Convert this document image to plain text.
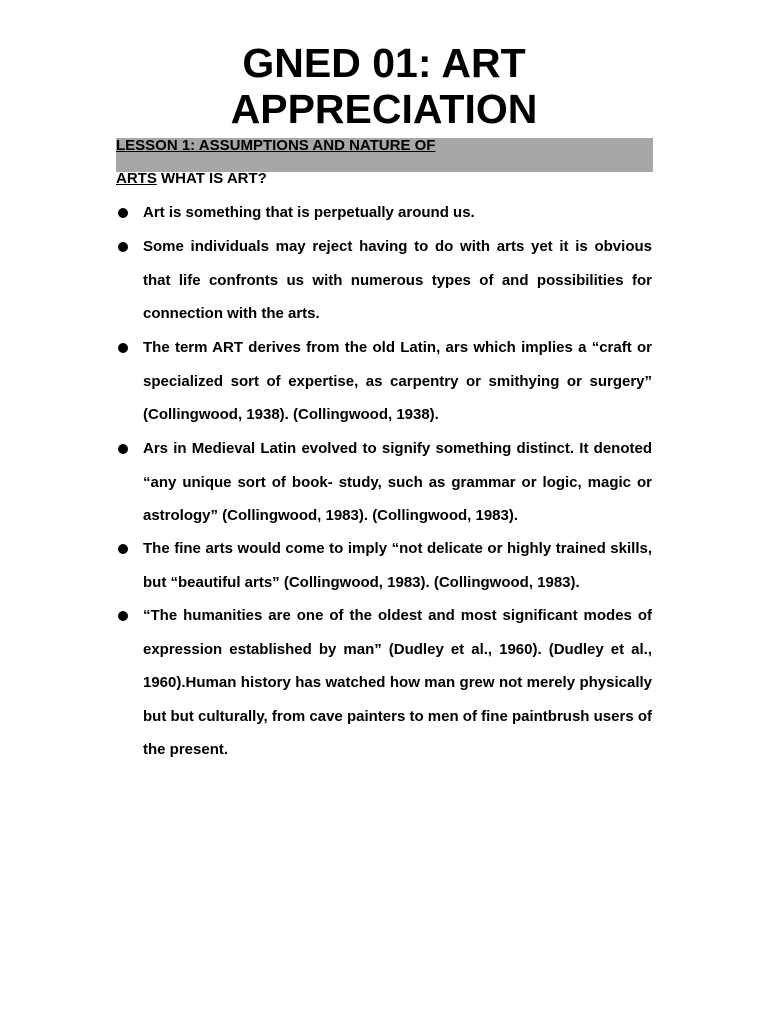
GNED 01: ART
APPRECIATION
LESSON 1: ASSUMPTIONS AND NATURE OF
ARTS WHAT IS ART?

Art is something that is perpetually around us.

Some individuals may reject having to do with arts yet it is obvious that life confronts us with numerous types of and possibilities for connection with the arts.

The term ART derives from the old Latin, ars which implies a “craft or specialized sort of expertise, as carpentry or smithying or surgery” (Collingwood, 1938). (Collingwood, 1938).

Ars in Medieval Latin evolved to signify something distinct. It denoted “any unique sort of book- study, such as grammar or logic, magic or astrology” (Collingwood, 1983). (Collingwood, 1983).

The fine arts would come to imply “not delicate or highly trained skills, but “beautiful arts” (Collingwood, 1983). (Collingwood, 1983).

“The humanities are one of the oldest and most significant modes of expression established by man” (Dudley et al., 1960). (Dudley et al., 1960).Human history has watched how man grew not merely physically but but culturally, from cave painters to men of fine paintbrush users of the present.
